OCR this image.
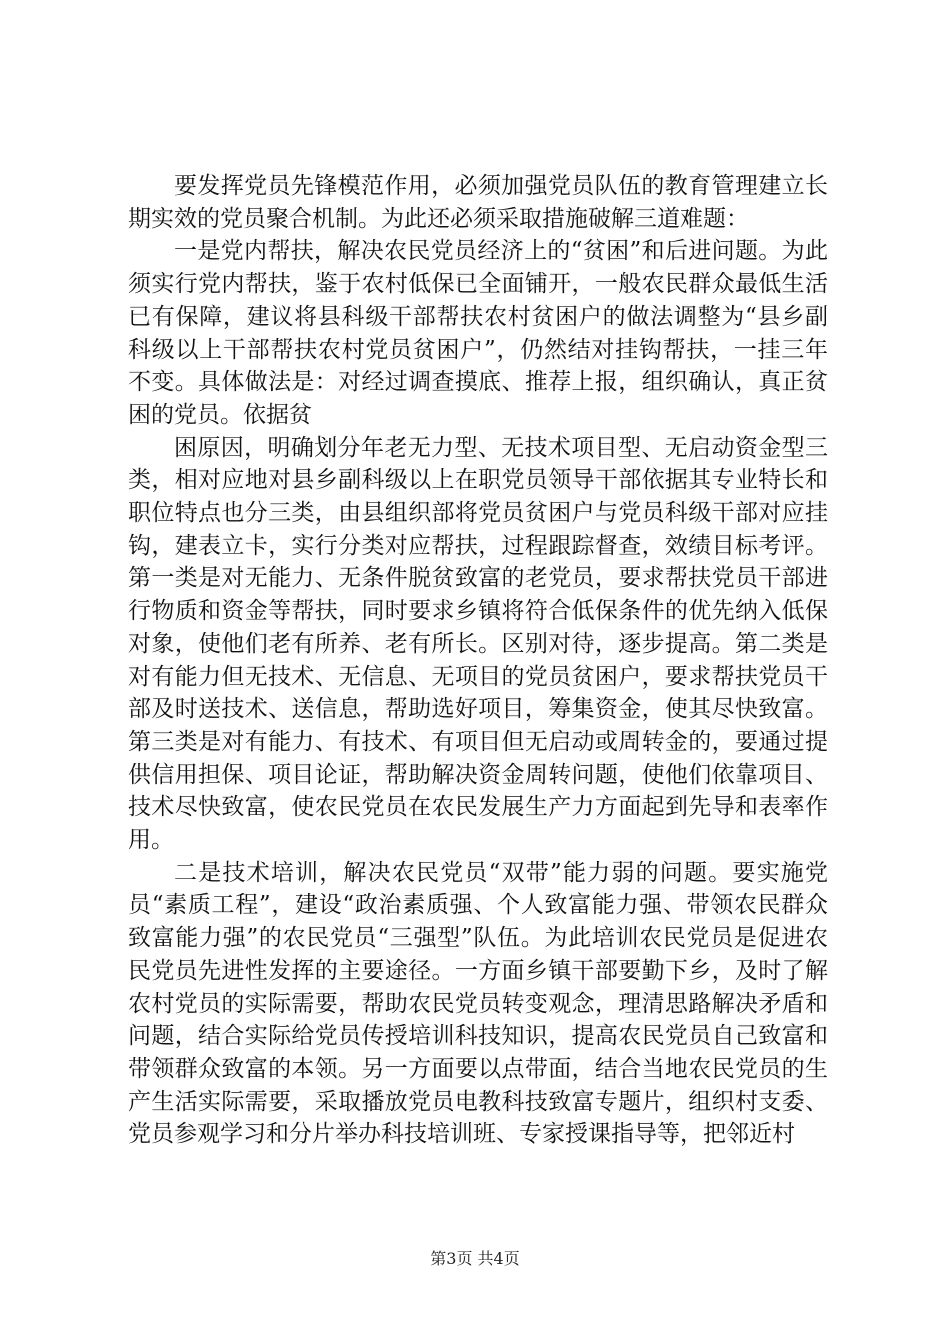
要发挥党员先锋模范作用，必须加强党员队伍的教育管理建立长期实效的党员聚合机制。为此还必须采取措施破解三道难题：

一是党内帮扶，解决农民党员经济上的“贫困”和后进问题。为此须实行党内帮扶，鉴于农村低保已全面铺开，一般农民群众最低生活已有保障，建议将县科级干部帮扶农村贫困户的做法调整为“县乡副科级以上干部帮扶农村党员贫困户”，仍然结对挂钩帮扶，一挂三年不变。具体做法是：对经过调查摸底、推荐上报，组织确认，真正贫困的党员。依据贫

困原因，明确划分年老无力型、无技术项目型、无启动资金型三类，相对应地对县乡副科级以上在职党员领导干部依据其专业特长和职位特点也分三类，由县组织部将党员贫困户与党员科级干部对应挂钩，建表立卡，实行分类对应帮扶，过程跟踪督查，效绩目标考评。第一类是对无能力、无条件脱贫致富的老党员，要求帮扶党员干部进行物质和资金等帮扶，同时要求乡镇将符合低保条件的优先纳入低保对象，使他们老有所养、老有所长。区别对待，逐步提高。第二类是对有能力但无技术、无信息、无项目的党员贫困户，要求帮扶党员干部及时送技术、送信息，帮助选好项目，筹集资金，使其尽快致富。第三类是对有能力、有技术、有项目但无启动或周转金的，要通过提供信用担保、项目论证，帮助解决资金周转问题，使他们依靠项目、技术尽快致富，使农民党员在农民发展生产力方面起到先导和表率作用。

二是技术培训，解决农民党员“双带”能力弱的问题。要实施党员“素质工程”，建设“政治素质强、个人致富能力强、带领农民群众致富能力强”的农民党员“三强型”队伍。为此培训农民党员是促进农民党员先进性发挥的主要途径。一方面乡镇干部要勤下乡，及时了解农村党员的实际需要，帮助农民党员转变观念，理清思路解决矛盾和问题，结合实际给党员传授培训科技知识，提高农民党员自己致富和带领群众致富的本领。另一方面要以点带面，结合当地农民党员的生产生活实际需要，采取播放党员电教科技致富专题片，组织村支委、党员参观学习和分片举办科技培训班、专家授课指导等，把邻近村

第3页 共4页
